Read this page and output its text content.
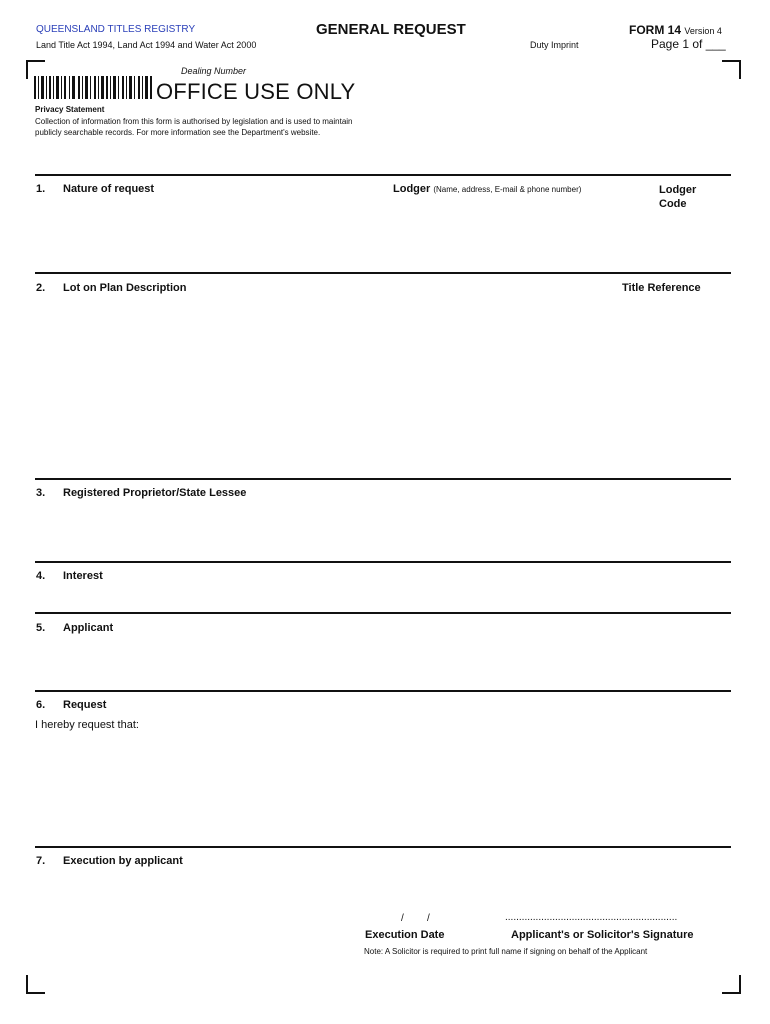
QUEENSLAND TITLES REGISTRY
Land Title Act 1994, Land Act 1994 and Water Act 2000
GENERAL REQUEST	FORM 14 Version 4
Duty Imprint	Page 1 of ___
Dealing Number
OFFICE USE ONLY
Privacy Statement
Collection of information from this form is authorised by legislation and is used to maintain publicly searchable records. For more information see the Department's website.
1. Nature of request	Lodger (Name, address, E-mail & phone number)	Lodger Code
2. Lot on Plan Description	Title Reference
3. Registered Proprietor/State Lessee
4. Interest
5. Applicant
6. Request
I hereby request that:
7. Execution by applicant
/ /	..............................................................
Execution Date	Applicant's or Solicitor's Signature
Note: A Solicitor is required to print full name if signing on behalf of the Applicant
